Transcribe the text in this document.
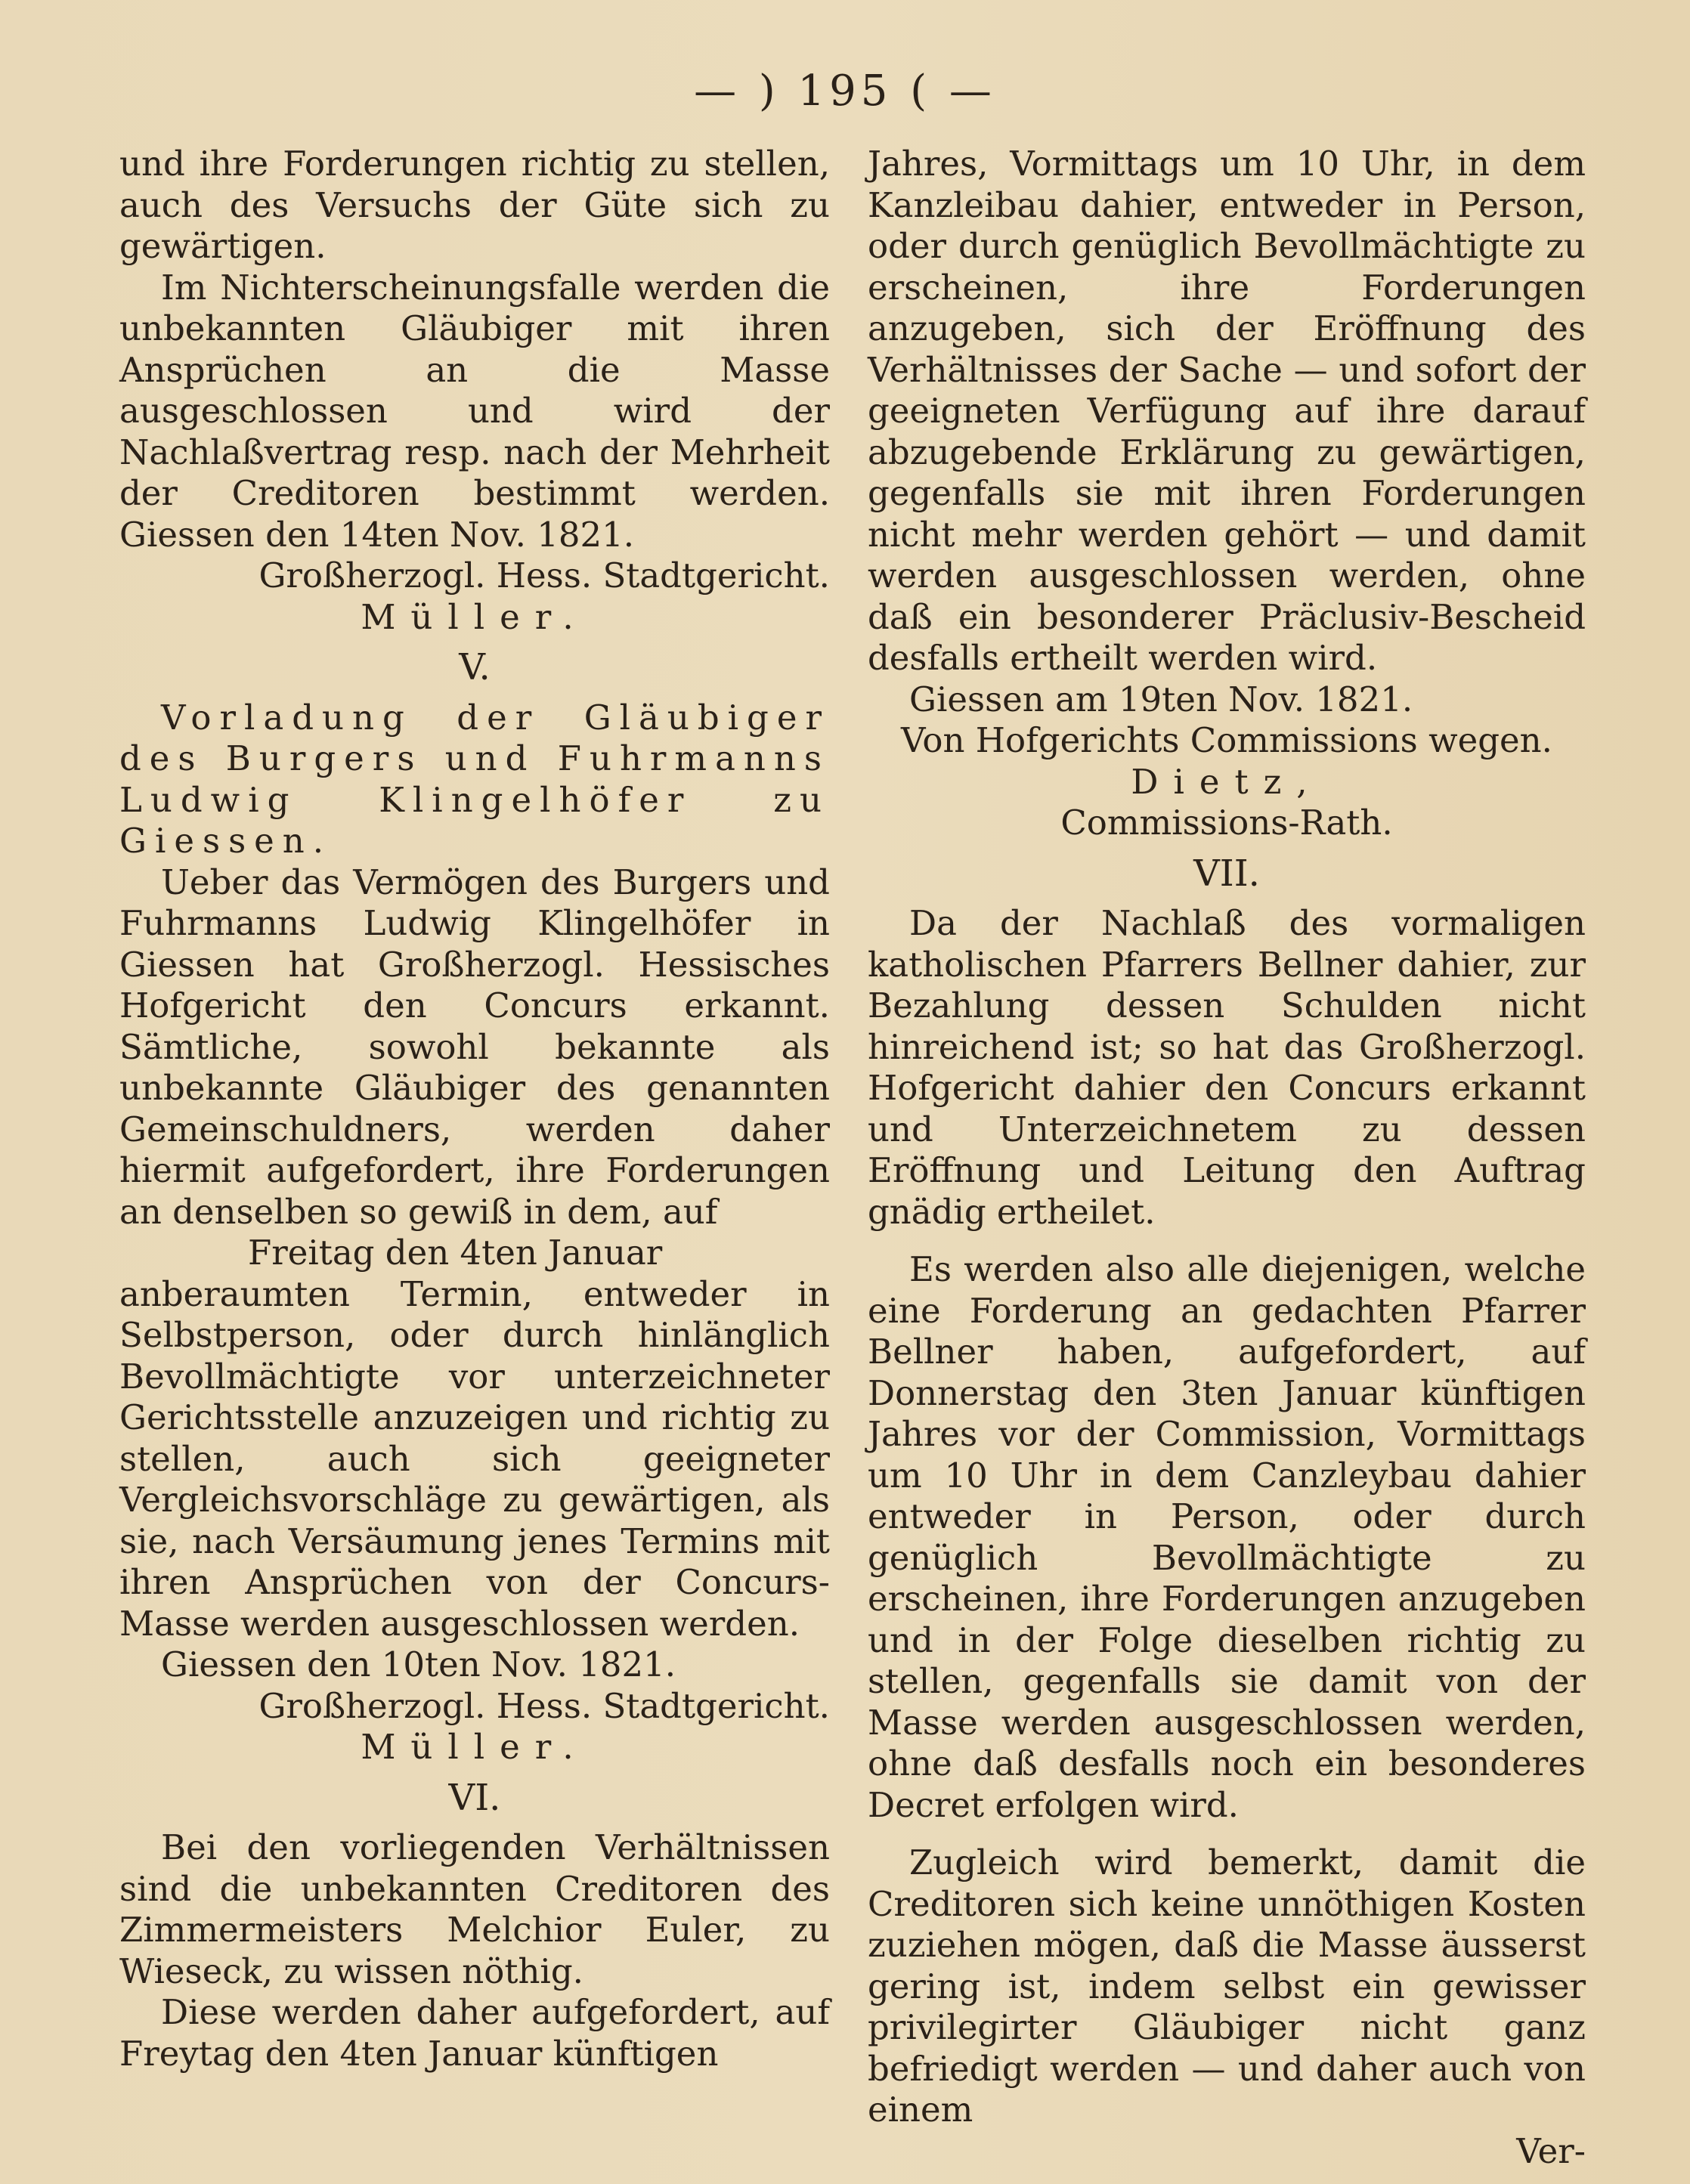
— ) 195 ( —

und ihre Forderungen richtig zu stellen, auch des Versuchs der Güte sich zu gewärtigen.

Im Nichterscheinungsfalle werden die unbekannten Gläubiger mit ihren Ansprüchen an die Masse ausgeschlossen und wird der Nachlaßvertrag resp. nach der Mehrheit der Creditoren bestimmt werden. Giessen den 14ten Nov. 1821.

Großherzogl. Hess. Stadtgericht.

Müller.

V.

Vorladung der Gläubiger des Burgers und Fuhrmanns Ludwig Klingelhöfer zu Giessen.

Ueber das Vermögen des Burgers und Fuhrmanns Ludwig Klingelhöfer in Giessen hat Großherzogl. Hessisches Hofgericht den Concurs erkannt. Sämtliche, sowohl bekannte als unbekannte Gläubiger des genannten Gemeinschuldners, werden daher hiermit aufgefordert, ihre Forderungen an denselben so gewiß in dem, auf

Freitag den 4ten Januar

anberaumten Termin, entweder in Selbstperson, oder durch hinlänglich Bevollmächtigte vor unterzeichneter Gerichtsstelle anzuzeigen und richtig zu stellen, auch sich geeigneter Vergleichsvorschläge zu gewärtigen, als sie, nach Versäumung jenes Termins mit ihren Ansprüchen von der Concurs-Masse werden ausgeschlossen werden.

Giessen den 10ten Nov. 1821.

Großherzogl. Hess. Stadtgericht.

Müller.

VI.

Bei den vorliegenden Verhältnissen sind die unbekannten Creditoren des Zimmermeisters Melchior Euler, zu Wieseck, zu wissen nöthig.

Diese werden daher aufgefordert, auf Freytag den 4ten Januar künftigen

Jahres, Vormittags um 10 Uhr, in dem Kanzleibau dahier, entweder in Person, oder durch genüglich Bevollmächtigte zu erscheinen, ihre Forderungen anzugeben, sich der Eröffnung des Verhältnisses der Sache — und sofort der geeigneten Verfügung auf ihre darauf abzugebende Erklärung zu gewärtigen, gegenfalls sie mit ihren Forderungen nicht mehr werden gehört — und damit werden ausgeschlossen werden, ohne daß ein besonderer Präclusiv-Bescheid desfalls ertheilt werden wird.

Giessen am 19ten Nov. 1821.

Von Hofgerichts Commissions wegen.

Dietz,

Commissions-Rath.

VII.

Da der Nachlaß des vormaligen katholischen Pfarrers Bellner dahier, zur Bezahlung dessen Schulden nicht hinreichend ist; so hat das Großherzogl. Hofgericht dahier den Concurs erkannt und Unterzeichnetem zu dessen Eröffnung und Leitung den Auftrag gnädig ertheilet.

Es werden also alle diejenigen, welche eine Forderung an gedachten Pfarrer Bellner haben, aufgefordert, auf Donnerstag den 3ten Januar künftigen Jahres vor der Commission, Vormittags um 10 Uhr in dem Canzleybau dahier entweder in Person, oder durch genüglich Bevollmächtigte zu erscheinen, ihre Forderungen anzugeben und in der Folge dieselben richtig zu stellen, gegenfalls sie damit von der Masse werden ausgeschlossen werden, ohne daß desfalls noch ein besonderes Decret erfolgen wird.

Zugleich wird bemerkt, damit die Creditoren sich keine unnöthigen Kosten zuziehen mögen, daß die Masse äusserst gering ist, indem selbst ein gewisser privilegirter Gläubiger nicht ganz befriedigt werden — und daher auch von einem

Ver-
